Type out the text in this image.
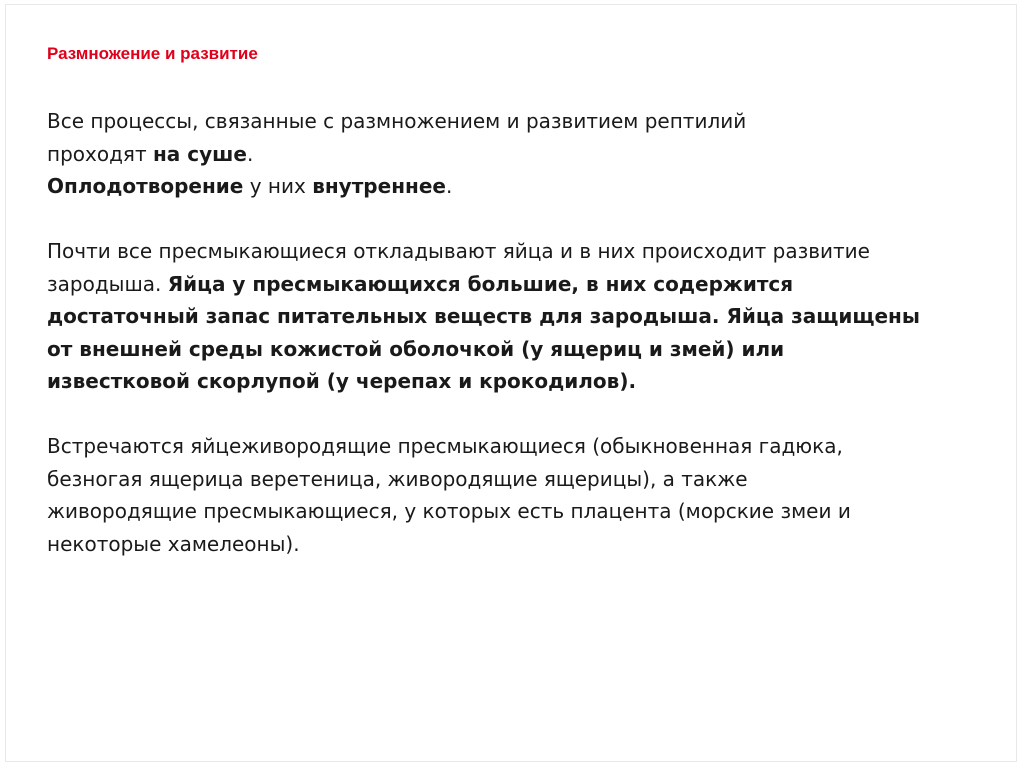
Размножение и развитие
Все процессы, связанные с размножением и развитием рептилий
проходят на суше.
Оплодотворение у них внутреннее.
Почти все пресмыкающиеся откладывают яйца и в них происходит развитие
зародыша. Яйца у пресмыкающихся большие, в них содержится
достаточный запас питательных веществ для зародыша. Яйца защищены
от внешней среды кожистой оболочкой (у ящериц и змей) или
известковой скорлупой (у черепах и крокодилов).
Встречаются яйцеживородящие пресмыкающиеся (обыкновенная гадюка,
безногая ящерица веретеница, живородящие ящерицы), а также
живородящие пресмыкающиеся, у которых есть плацента (морские змеи и
некоторые хамелеоны).
